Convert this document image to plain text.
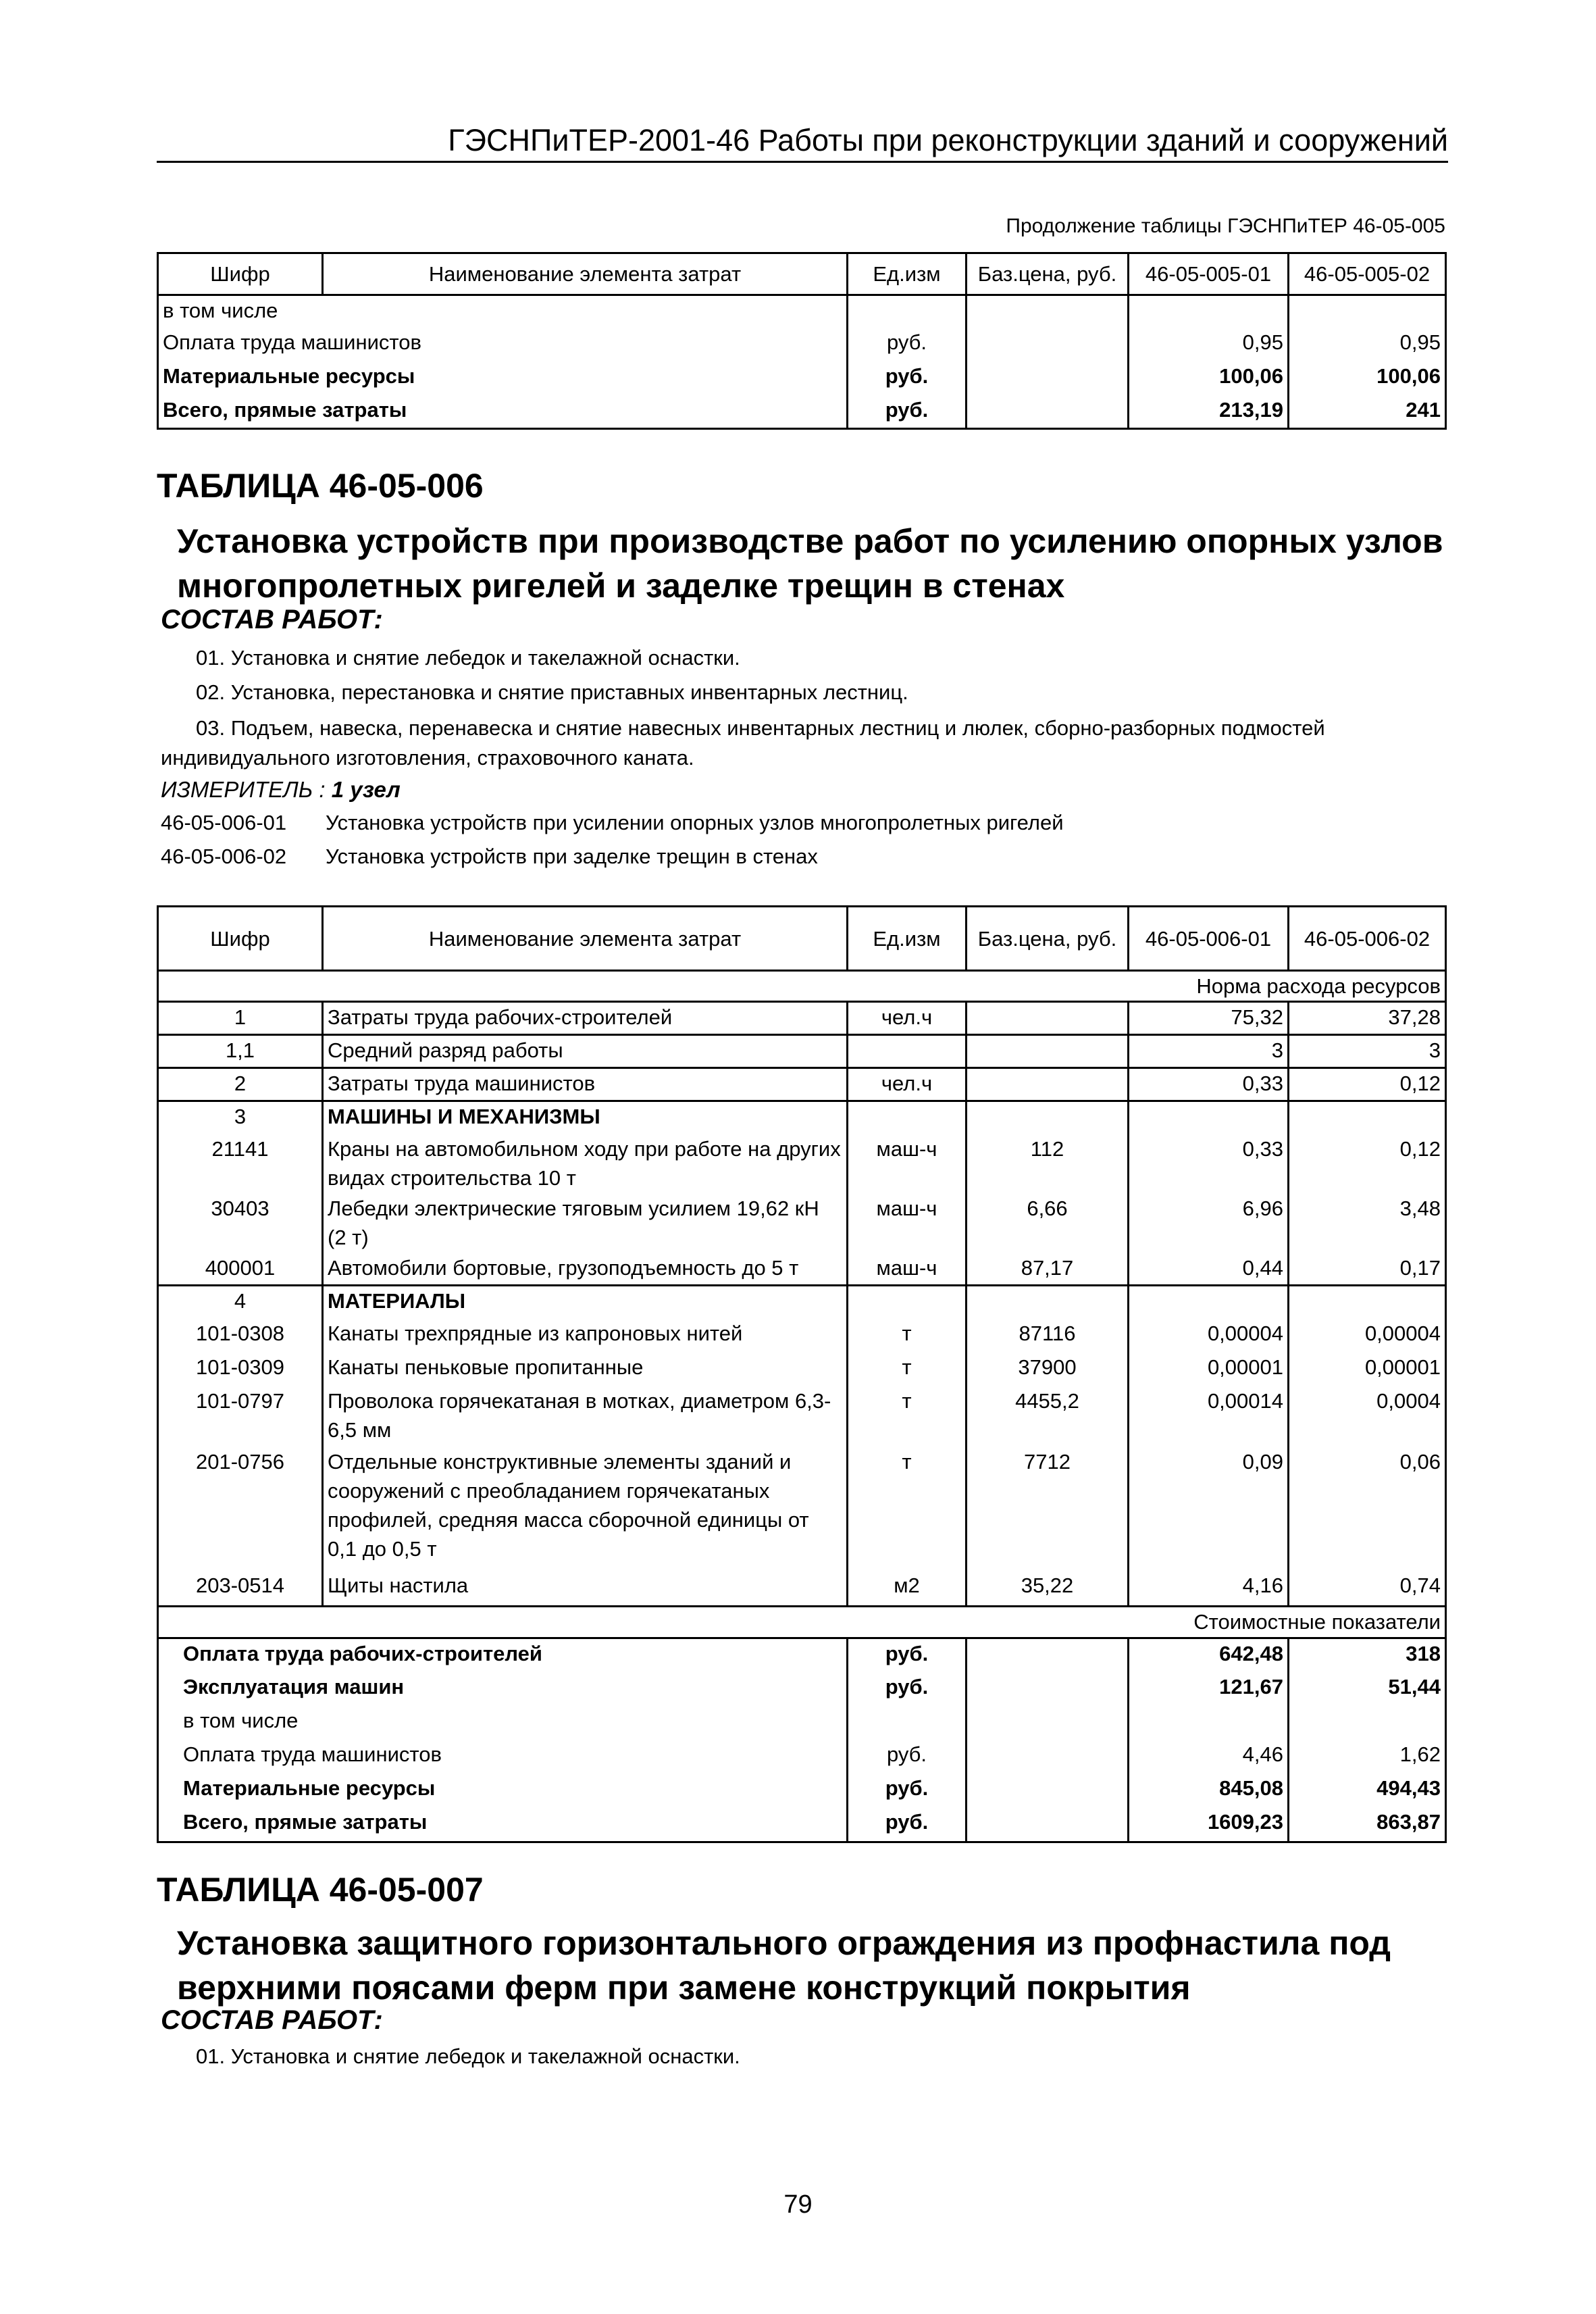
ГЭСНПиТЕР-2001-46 Работы при реконструкции зданий и сооружений
Продолжение таблицы ГЭСНПиТЕР 46-05-005
Шифр	Наименование элемента затрат	Ед.изм	Баз.цена, руб.	46-05-005-01	46-05-005-02
в том числе					
Оплата труда машинистов		руб.		0,95	0,95
Материальные ресурсы		руб.		100,06	100,06
Всего, прямые затраты		руб.		213,19	241
ТАБЛИЦА 46-05-006
Установка устройств при производстве работ по усилению опорных узлов многопролетных ригелей и заделке трещин в стенах
СОСТАВ РАБОТ:
01. Установка и снятие лебедок и такелажной оснастки.
02. Установка, перестановка и снятие приставных инвентарных лестниц.
03. Подъем, навеска, перенавеска и снятие навесных инвентарных лестниц и люлек, сборно-разборных подмостей индивидуального изготовления, страховочного каната.
ИЗМЕРИТЕЛЬ : 1 узел
46-05-006-01 Установка устройств при усилении опорных узлов многопролетных ригелей
46-05-006-02 Установка устройств при заделке трещин в стенах
Шифр	Наименование элемента затрат	Ед.изм	Баз.цена, руб.	46-05-006-01	46-05-006-02
Норма расхода ресурсов					
1	Затраты труда рабочих-строителей	чел.ч		75,32	37,28
1,1	Средний разряд работы			3	3
2	Затраты труда машинистов	чел.ч		0,33	0,12
3	МАШИНЫ И МЕХАНИЗМЫ				
21141	Краны на автомобильном ходу при работе на других видах строительства 10 т	маш-ч	112	0,33	0,12
30403	Лебедки электрические тяговым усилием 19,62 кН (2 т)	маш-ч	6,66	6,96	3,48
400001	Автомобили бортовые, грузоподъемность до 5 т	маш-ч	87,17	0,44	0,17
4	МАТЕРИАЛЫ				
101-0308	Канаты трехпрядные из капроновых нитей	т	87116	0,00004	0,00004
101-0309	Канаты пеньковые пропитанные	т	37900	0,00001	0,00001
101-0797	Проволока горячекатаная в мотках, диаметром 6,3-6,5 мм	т	4455,2	0,00014	0,0004
201-0756	Отдельные конструктивные элементы зданий и сооружений с преобладанием горячекатаных профилей, средняя масса сборочной единицы от 0,1 до 0,5 т	т	7712	0,09	0,06
203-0514	Щиты настила	м2	35,22	4,16	0,74
Стоимостные показатели					
Оплата труда рабочих-строителей		руб.		642,48	318
Эксплуатация машин		руб.		121,67	51,44
в том числе					
Оплата труда машинистов		руб.		4,46	1,62
Материальные ресурсы		руб.		845,08	494,43
Всего, прямые затраты		руб.		1609,23	863,87
ТАБЛИЦА 46-05-007
Установка защитного горизонтального ограждения из профнастила под верхними поясами ферм при замене конструкций покрытия
СОСТАВ РАБОТ:
01. Установка и снятие лебедок и такелажной оснастки.
79
